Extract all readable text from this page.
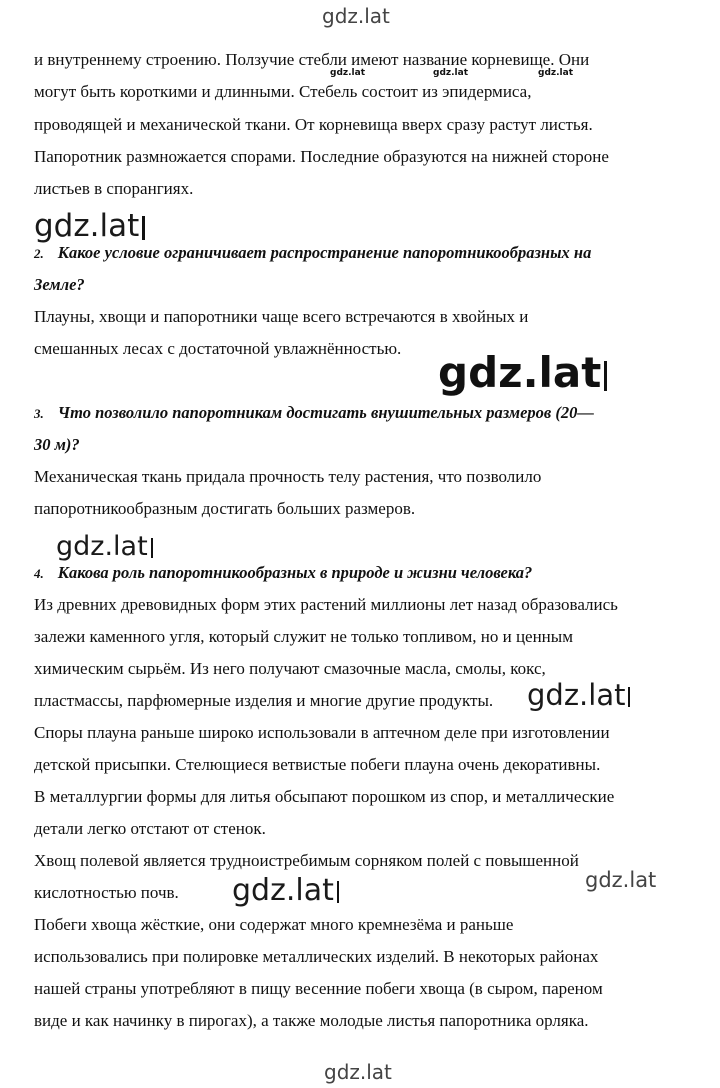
и внутреннему строению. Ползучие стебли имеют название корневище. Они
могут быть короткими и длинными. Стебель состоит из эпидермиса,
проводящей и механической ткани. От корневища вверх сразу растут листья.
Папоротник размножается спорами. Последние образуются на нижней стороне
листьев в спорангиях.
2. Какое условие ограничивает распространение папоротникообразных на
Земле?
Плауны, хвощи и папоротники чаще всего встречаются в хвойных и
смешанных лесах с достаточной увлажнённостью.
3. Что позволило папоротникам достигать внушительных размеров (20—
30 м)?
Механическая ткань придала прочность телу растения, что позволило
папоротникообразным достигать больших размеров.
4. Какова роль папоротникообразных в природе и жизни человека?
Из древних древовидных форм этих растений миллионы лет назад образовались
залежи каменного угля, который служит не только топливом, но и ценным
химическим сырьём. Из него получают смазочные масла, смолы, кокс,
пластмассы, парфюмерные изделия и многие другие продукты.
Споры плауна раньше широко использовали в аптечном деле при изготовлении
детской присыпки. Стелющиеся ветвистые побеги плауна очень декоративны.
В металлургии формы для литья обсыпают порошком из спор, и металлические
детали легко отстают от стенок.
Хвощ полевой является трудноистребимым сорняком полей с повышенной
кислотностью почв.
Побеги хвоща жёсткие, они содержат много кремнезёма и раньше
использовались при полировке металлических изделий. В некоторых районах
нашей страны употребляют в пищу весенние побеги хвоща (в сыром, пареном
виде и как начинку в пирогах), а также молодые листья папоротника орляка.
gdz.lat
gdz.lat	gdz.lat	gdz.lat
gdz.lat
gdz.lat
gdz.lat
gdz.lat
gdz.lat	gdz.lat
gdz.lat
